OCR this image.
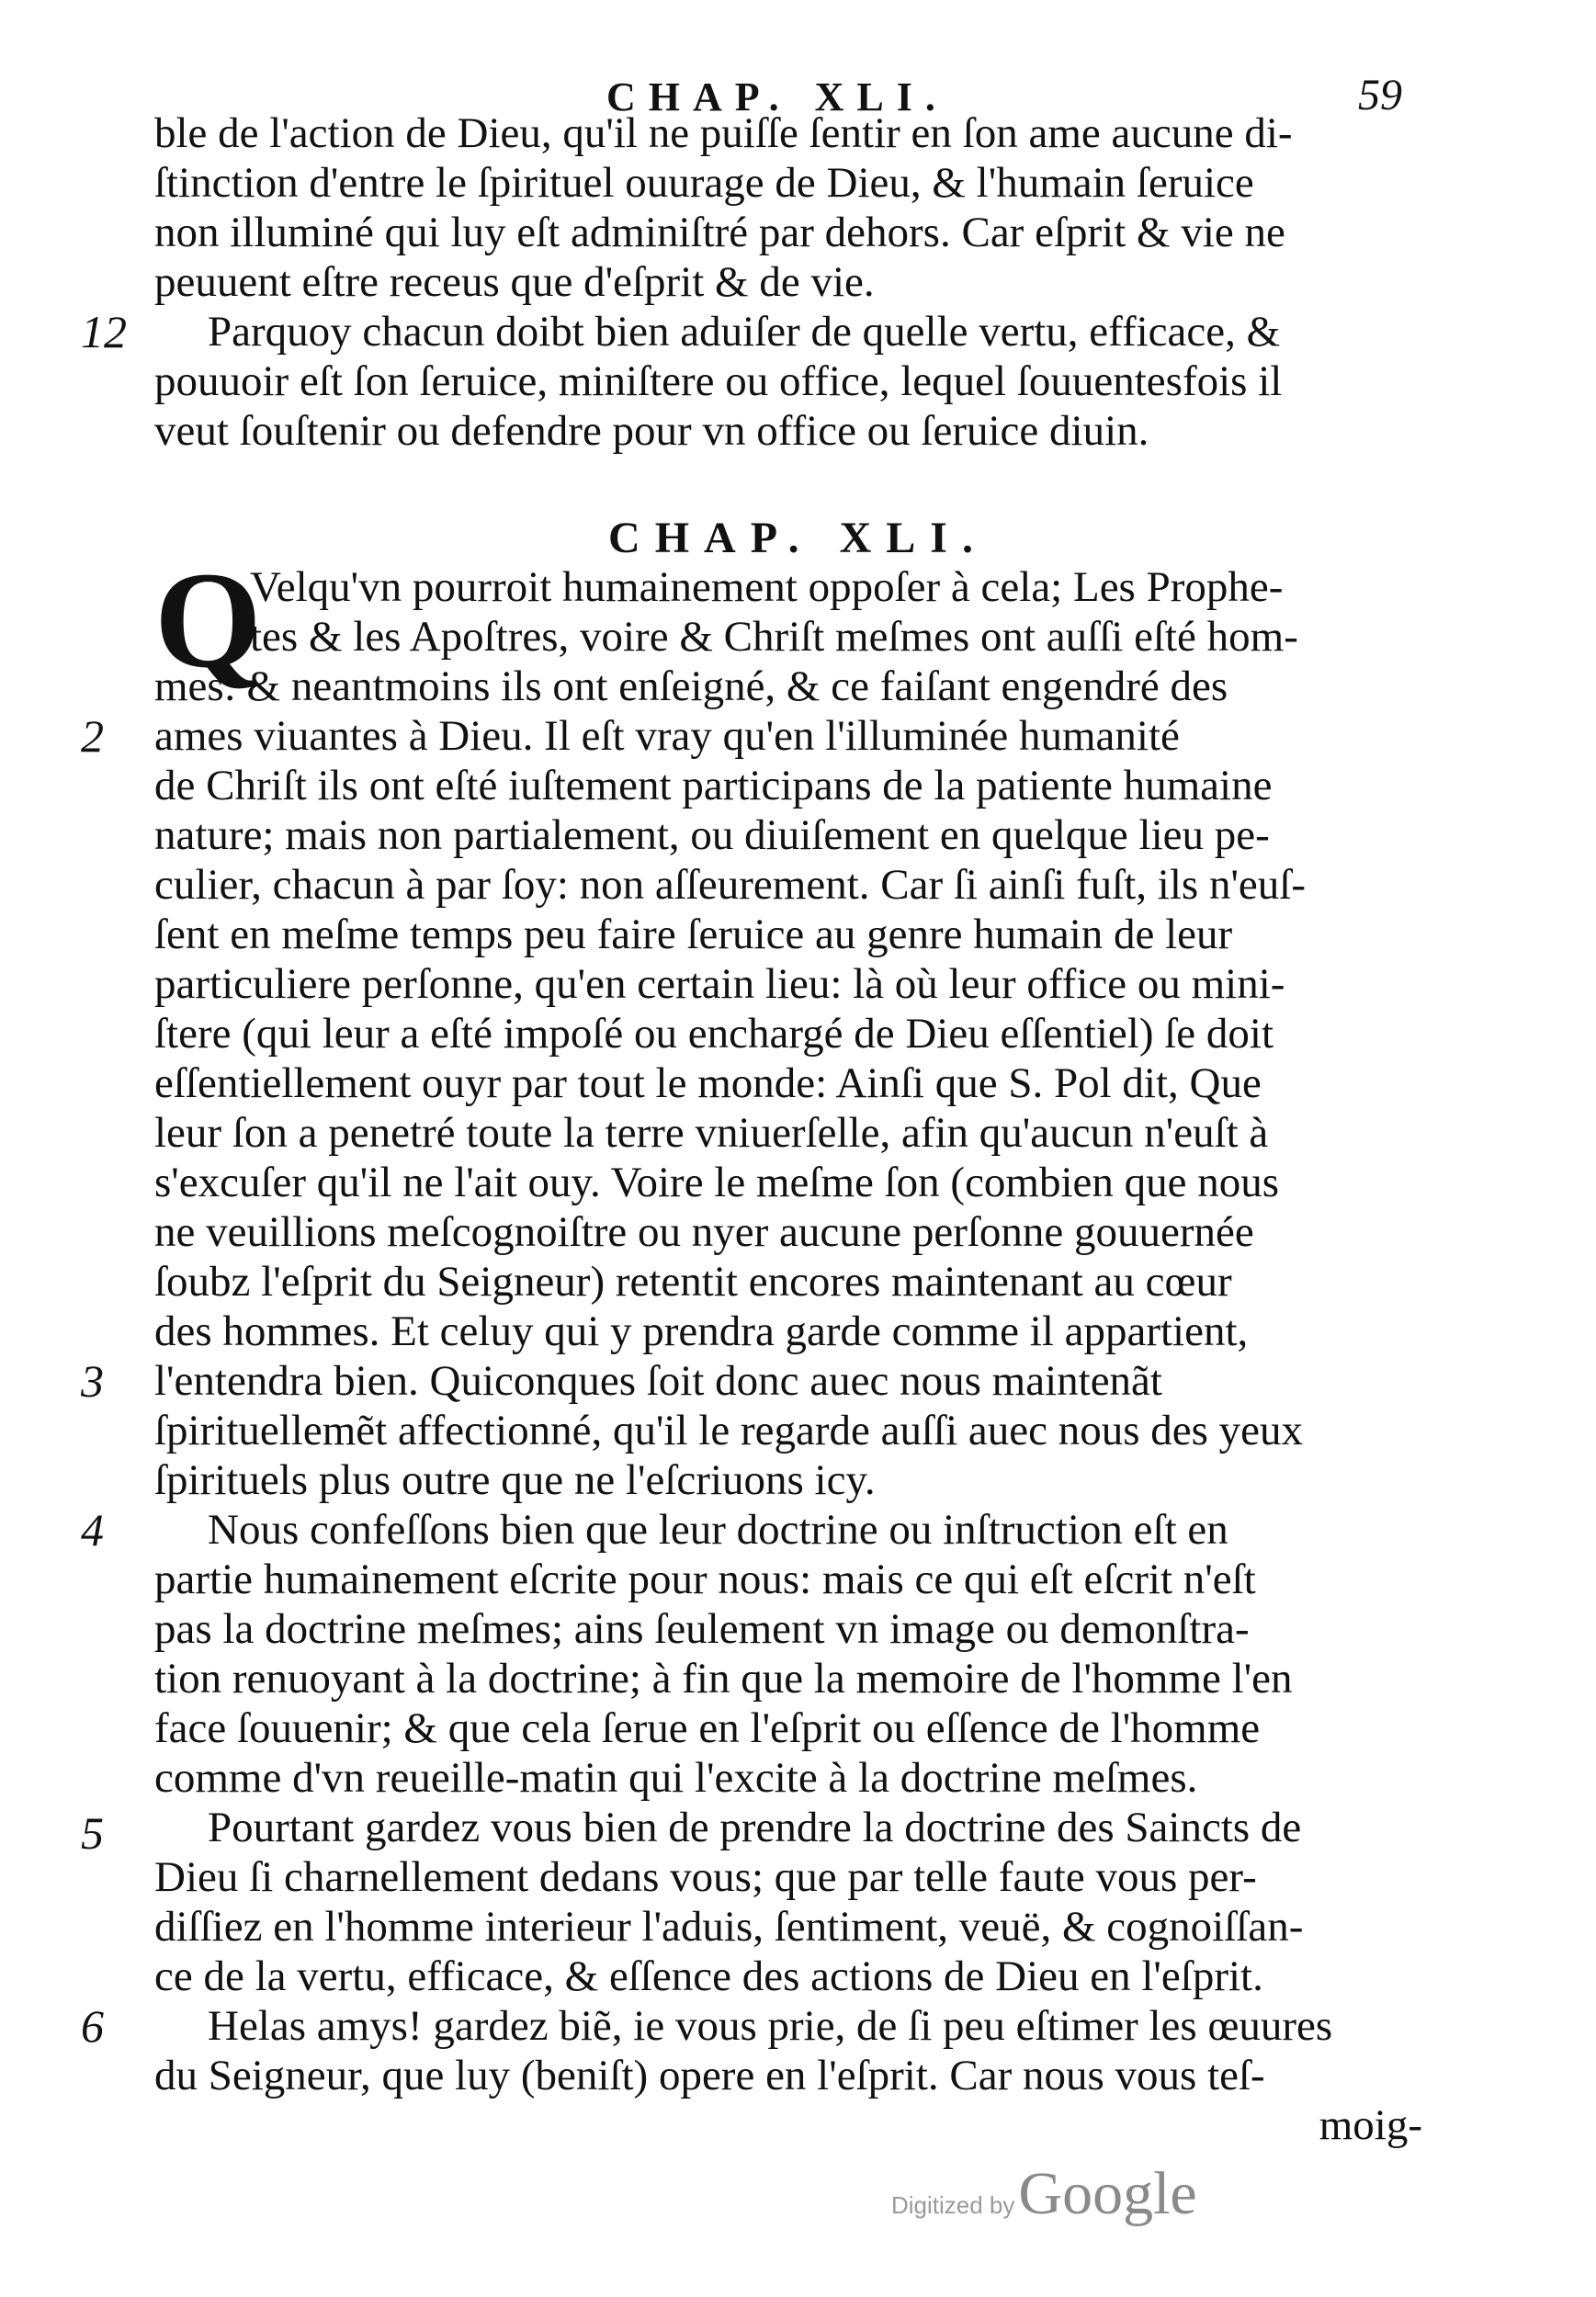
CHAP. XLI.	59
ble de l'action de Dieu, qu'il ne puiſſe ſentir en ſon ame aucune di-
ſtinction d'entre le ſpirituel ouurage de Dieu, & l'humain ſeruice
non illuminé qui luy eſt adminiſtré par dehors. Car eſprit & vie ne
peuuent eſtre receus que d'eſprit & de vie.
12	Parquoy chacun doibt bien aduiſer de quelle vertu, efficace, &
pouuoir eſt ſon ſeruice, miniſtere ou office, lequel ſouuentesfois il
veut ſouſtenir ou defendre pour vn office ou ſeruice diuin.
CHAP. XLI.
Q
Velqu'vn pourroit humainement oppoſer à cela; Les Prophe-
tes & les Apoſtres, voire & Chriſt meſmes ont auſſi eſté hom-
2
3
mes: & neantmoins ils ont enſeigné, & ce faiſant engendré des
ames viuantes à Dieu. Il eſt vray qu'en l'illuminée humanité
de Chriſt ils ont eſté iuſtement participans de la patiente humaine
nature; mais non partialement, ou diuiſement en quelque lieu pe-
culier, chacun à par ſoy: non aſſeurement. Car ſi ainſi fuſt, ils n'euſ-
ſent en meſme temps peu faire ſeruice au genre humain de leur
particuliere perſonne, qu'en certain lieu: là où leur office ou mini-
ſtere (qui leur a eſté impoſé ou enchargé de Dieu eſſentiel) ſe doit
eſſentiellement ouyr par tout le monde: Ainſi que S. Pol dit, Que
leur ſon a penetré toute la terre vniuerſelle, afin qu'aucun n'euſt à
s'excuſer qu'il ne l'ait ouy. Voire le meſme ſon (combien que nous
ne veuillions meſcognoiſtre ou nyer aucune perſonne gouuernée
ſoubz l'eſprit du Seigneur) retentit encores maintenant au cœur
des hommes. Et celuy qui y prendra garde comme il appartient,
l'entendra bien. Quiconques ſoit donc auec nous maintenãt
ſpirituellemẽt affectionné, qu'il le regarde auſſi auec nous des yeux
ſpirituels plus outre que ne l'eſcriuons icy.
4	Nous confeſſons bien que leur doctrine ou inſtruction eſt en
partie humainement eſcrite pour nous: mais ce qui eſt eſcrit n'eſt
pas la doctrine meſmes; ains ſeulement vn image ou demonſtra-
tion renuoyant à la doctrine; à fin que la memoire de l'homme l'en
face ſouuenir; & que cela ſerue en l'eſprit ou eſſence de l'homme
comme d'vn reueille-matin qui l'excite à la doctrine meſmes.
5	Pourtant gardez vous bien de prendre la doctrine des Saincts de
Dieu ſi charnellement dedans vous; que par telle faute vous per-
diſſiez en l'homme interieur l'aduis, ſentiment, veuë, & cognoiſſan-
ce de la vertu, efficace, & eſſence des actions de Dieu en l'eſprit.
6	Helas amys! gardez biẽ, ie vous prie, de ſi peu eſtimer les œuures
du Seigneur, que luy (beniſt) opere en l'eſprit. Car nous vous teſ-
moig-
Digitized by Google
